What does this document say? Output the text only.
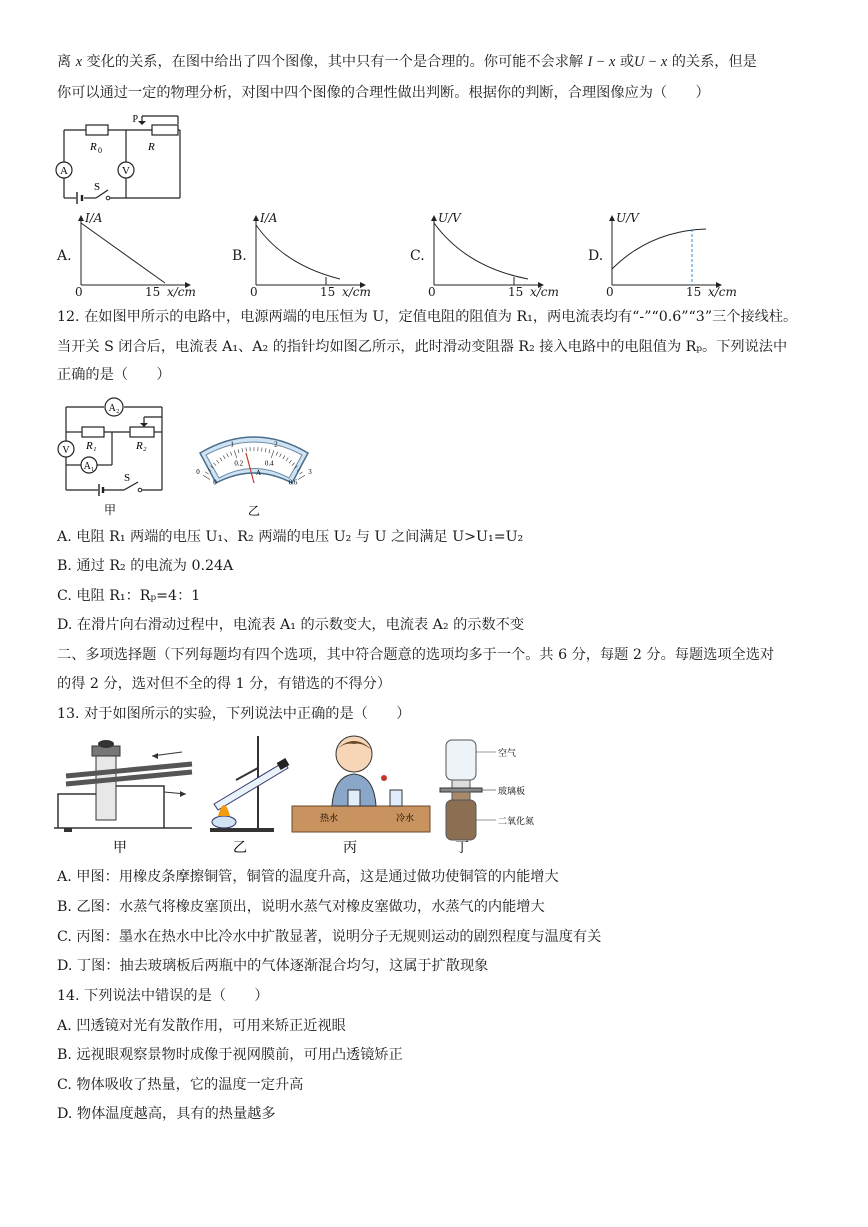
离 x 变化的关系，在图中给出了四个图像，其中只有一个是合理的。你可能不会求解 I − x 或U − x 的关系，但是
你可以通过一定的物理分析，对图中四个图像的合理性做出判断。根据你的判断，合理图像应为（　　）
A	V
P
R 0	R
S
A.
I/A
0	15 x/cm
B.
I/A
0	15 x/cm
C.
U/V
0	15 x/cm
D.
U/V
0	15 x/cm
12. 在如图甲所示的电路中，电源两端的电压恒为 U，定值电阻的阻值为 R₁，两电流表均有“-”“0.6”“3”三个接线柱。
当开关 S 闭合后，电流表 A₁、A₂ 的指针均如图乙所示，此时滑动变阻器 R₂ 接入电路中的电阻值为 Rₚ。下列说法中
正确的是（　　）
A₂
V
A₁
R₁	R₂
S
甲
0
1	2
3
0
0.2	0.4
0.6
A
乙
A. 电阻 R₁ 两端的电压 U₁、R₂ 两端的电压 U₂ 与 U 之间满足 U>U₁=U₂
B. 通过 R₂ 的电流为 0.24A
C. 电阻 R₁：Rₚ=4：1
D. 在滑片向右滑动过程中，电流表 A₁ 的示数变大，电流表 A₂ 的示数不变
二、多项选择题（下列每题均有四个选项，其中符合题意的选项均多于一个。共 6 分，每题 2 分。每题选项全选对
的得 2 分，选对但不全的得 1 分，有错选的不得分）
13. 对于如图所示的实验，下列说法中正确的是（　　）
甲	乙
热水	冷水
丙
空气
玻璃板
二氧化氮
丁
A. 甲图：用橡皮条摩擦铜管，铜管的温度升高，这是通过做功使铜管的内能增大
B. 乙图：水蒸气将橡皮塞顶出，说明水蒸气对橡皮塞做功，水蒸气的内能增大
C. 丙图：墨水在热水中比冷水中扩散显著，说明分子无规则运动的剧烈程度与温度有关
D. 丁图：抽去玻璃板后两瓶中的气体逐渐混合均匀，这属于扩散现象
14. 下列说法中错误的是（　　）
A. 凹透镜对光有发散作用，可用来矫正近视眼
B. 远视眼观察景物时成像于视网膜前，可用凸透镜矫正
C. 物体吸收了热量，它的温度一定升高
D. 物体温度越高，具有的热量越多
